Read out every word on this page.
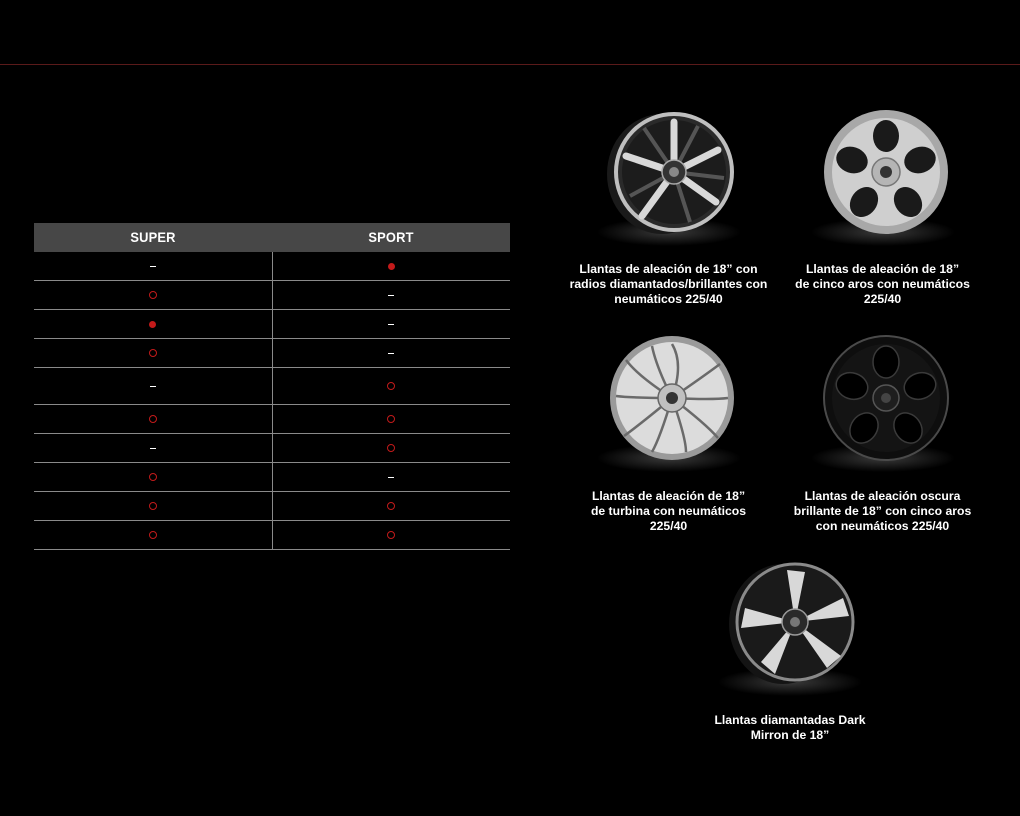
SUPER	SPORT
Llantas de aleación de 18” con
radios diamantados/brillantes con
neumáticos 225/40
Llantas de aleación de 18”
de cinco aros con neumáticos
225/40
Llantas de aleación de 18”
de turbina con neumáticos
225/40
Llantas de aleación oscura
brillante de 18” con cinco aros
con neumáticos 225/40
Llantas diamantadas Dark
Mirron de 18”
